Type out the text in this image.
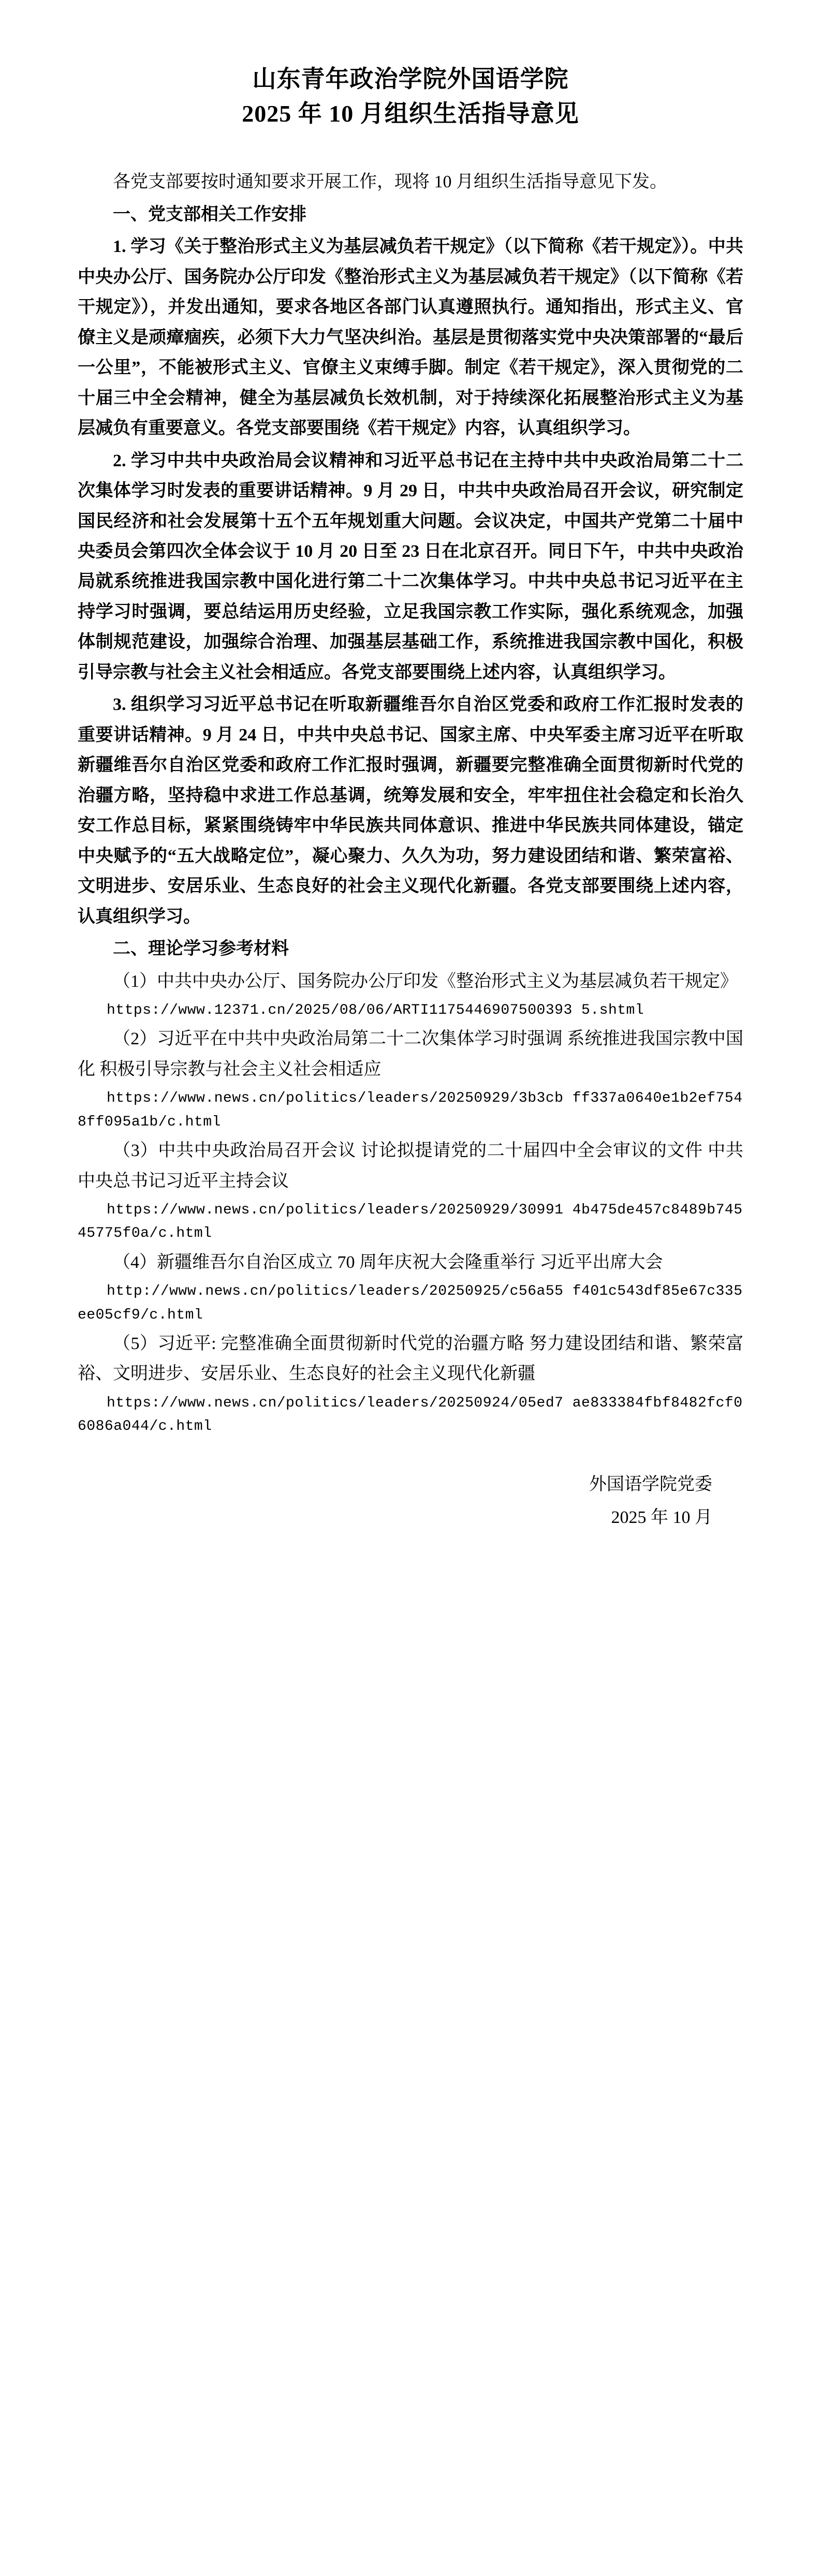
山东青年政治学院外国语学院
2025 年 10 月组织生活指导意见

各党支部要按时通知要求开展工作，现将 10 月组织生活指导意见下发。

一、党支部相关工作安排

1. 学习《关于整治形式主义为基层减负若干规定》（以下简称《若干规定》）。中共中央办公厅、国务院办公厅印发《整治形式主义为基层减负若干规定》（以下简称《若干规定》），并发出通知，要求各地区各部门认真遵照执行。通知指出，形式主义、官僚主义是顽瘴痼疾，必须下大力气坚决纠治。基层是贯彻落实党中央决策部署的“最后一公里”，不能被形式主义、官僚主义束缚手脚。制定《若干规定》，深入贯彻党的二十届三中全会精神，健全为基层减负长效机制，对于持续深化拓展整治形式主义为基层减负有重要意义。各党支部要围绕《若干规定》内容，认真组织学习。

2. 学习中共中央政治局会议精神和习近平总书记在主持中共中央政治局第二十二次集体学习时发表的重要讲话精神。9 月 29 日，中共中央政治局召开会议，研究制定国民经济和社会发展第十五个五年规划重大问题。会议决定，中国共产党第二十届中央委员会第四次全体会议于 10 月 20 日至 23 日在北京召开。同日下午，中共中央政治局就系统推进我国宗教中国化进行第二十二次集体学习。中共中央总书记习近平在主持学习时强调，要总结运用历史经验，立足我国宗教工作实际，强化系统观念，加强体制规范建设，加强综合治理、加强基层基础工作，系统推进我国宗教中国化，积极引导宗教与社会主义社会相适应。各党支部要围绕上述内容，认真组织学习。

3. 组织学习习近平总书记在听取新疆维吾尔自治区党委和政府工作汇报时发表的重要讲话精神。9 月 24 日，中共中央总书记、国家主席、中央军委主席习近平在听取新疆维吾尔自治区党委和政府工作汇报时强调，新疆要完整准确全面贯彻新时代党的治疆方略，坚持稳中求进工作总基调，统筹发展和安全，牢牢扭住社会稳定和长治久安工作总目标，紧紧围绕铸牢中华民族共同体意识、推进中华民族共同体建设，锚定中央赋予的“五大战略定位”，凝心聚力、久久为功，努力建设团结和谐、繁荣富裕、文明进步、安居乐业、生态良好的社会主义现代化新疆。各党支部要围绕上述内容，认真组织学习。

二、理论学习参考材料

（1）中共中央办公厅、国务院办公厅印发《整治形式主义为基层减负若干规定》

https://www.12371.cn/2025/08/06/ARTI1175446907500393 5.shtml

（2）习近平在中共中央政治局第二十二次集体学习时强调 系统推进我国宗教中国化 积极引导宗教与社会主义社会相适应

https://www.news.cn/politics/leaders/20250929/3b3cb ff337a0640e1b2ef7548ff095a1b/c.html

（3）中共中央政治局召开会议 讨论拟提请党的二十届四中全会审议的文件 中共中央总书记习近平主持会议

https://www.news.cn/politics/leaders/20250929/30991 4b475de457c8489b74545775f0a/c.html

（4）新疆维吾尔自治区成立 70 周年庆祝大会隆重举行 习近平出席大会

http://www.news.cn/politics/leaders/20250925/c56a55 f401c543df85e67c335ee05cf9/c.html

（5）习近平: 完整准确全面贯彻新时代党的治疆方略 努力建设团结和谐、繁荣富裕、文明进步、安居乐业、生态良好的社会主义现代化新疆

https://www.news.cn/politics/leaders/20250924/05ed7 ae833384fbf8482fcf06086a044/c.html

外国语学院党委
2025 年 10 月
